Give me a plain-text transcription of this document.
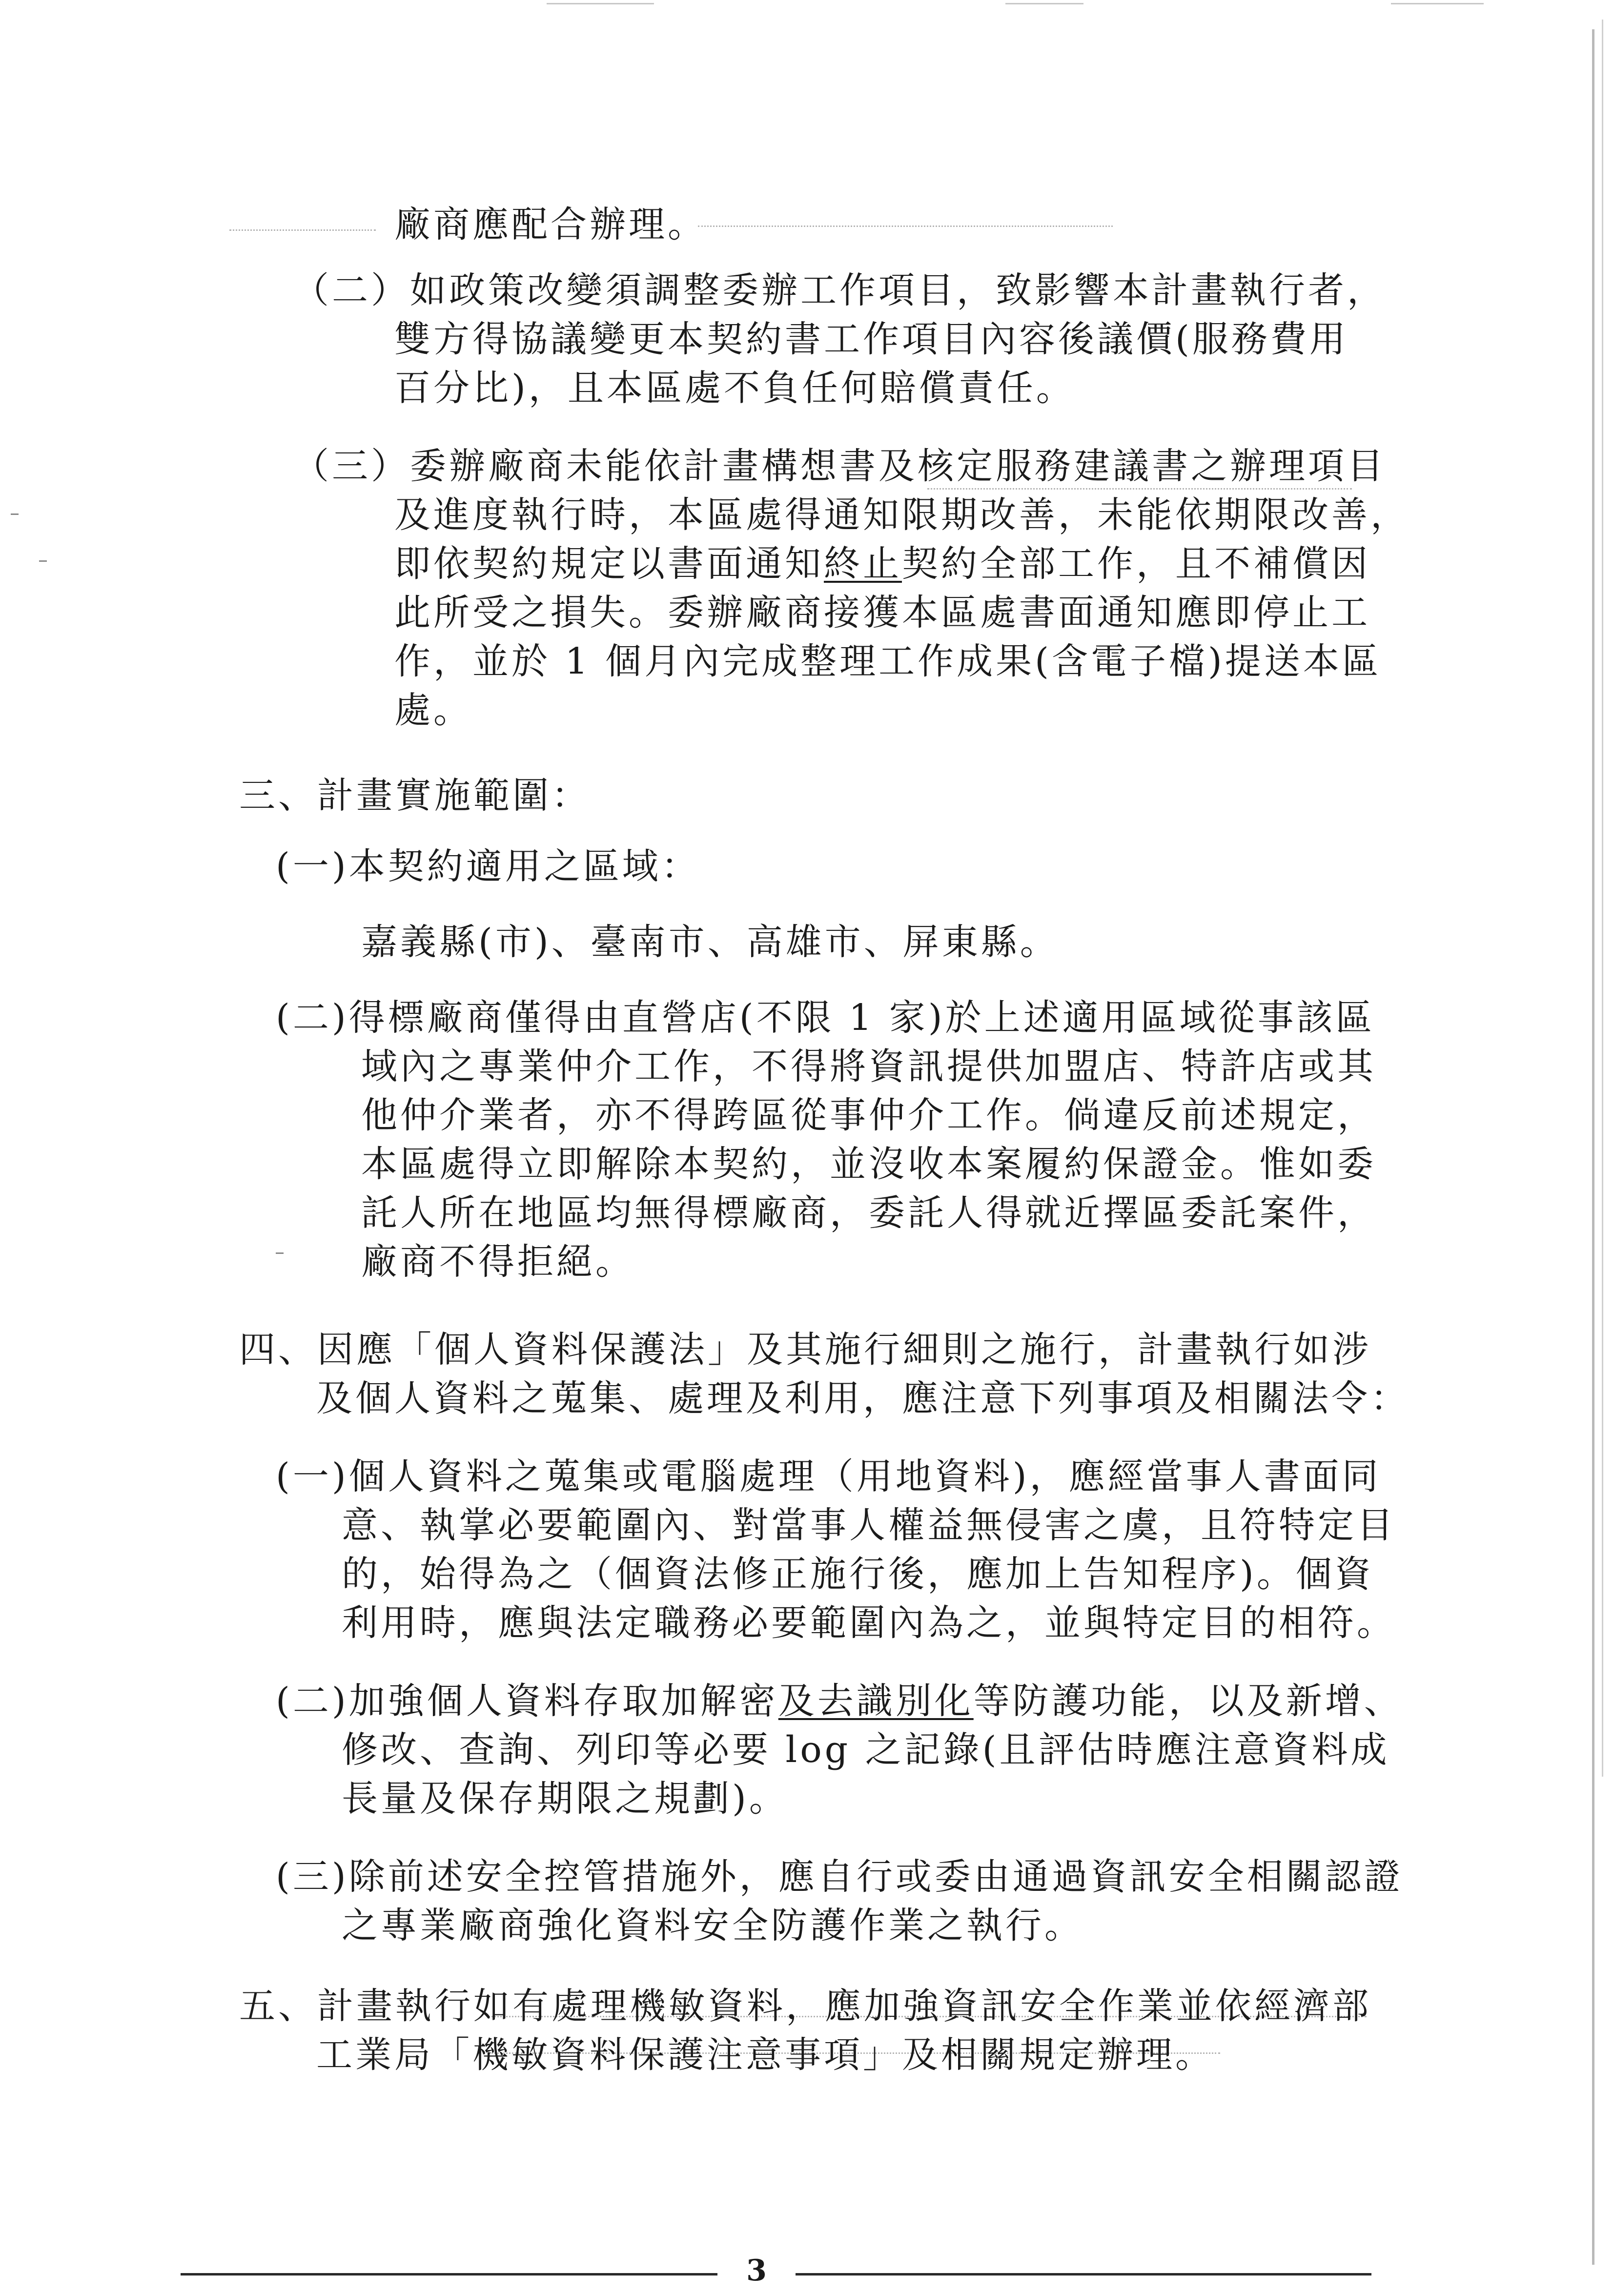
廠商應配合辦理。
（二）如政策改變須調整委辦工作項目，致影響本計畫執行者，
雙方得協議變更本契約書工作項目內容後議價(服務費用
百分比)，且本區處不負任何賠償責任。
（三）委辦廠商未能依計畫構想書及核定服務建議書之辦理項目
及進度執行時，本區處得通知限期改善，未能依期限改善，
即依契約規定以書面通知終止契約全部工作，且不補償因
此所受之損失。委辦廠商接獲本區處書面通知應即停止工
作，並於 1 個月內完成整理工作成果(含電子檔)提送本區
處。
三、計畫實施範圍：
(一)本契約適用之區域：
嘉義縣(市)、臺南市、高雄市、屏東縣。
(二)得標廠商僅得由直營店(不限 1 家)於上述適用區域從事該區
域內之專業仲介工作，不得將資訊提供加盟店、特許店或其
他仲介業者，亦不得跨區從事仲介工作。倘違反前述規定，
本區處得立即解除本契約，並沒收本案履約保證金。惟如委
託人所在地區均無得標廠商，委託人得就近擇區委託案件，
廠商不得拒絕。
四、因應「個人資料保護法」及其施行細則之施行，計畫執行如涉
及個人資料之蒐集、處理及利用，應注意下列事項及相關法令：
(一)個人資料之蒐集或電腦處理（用地資料)，應經當事人書面同
意、執掌必要範圍內、對當事人權益無侵害之虞，且符特定目
的，始得為之（個資法修正施行後，應加上告知程序)。個資
利用時，應與法定職務必要範圍內為之，並與特定目的相符。
(二)加強個人資料存取加解密及去識別化等防護功能，以及新增、
修改、查詢、列印等必要 log 之記錄(且評估時應注意資料成
長量及保存期限之規劃)。
(三)除前述安全控管措施外，應自行或委由通過資訊安全相關認證
之專業廠商強化資料安全防護作業之執行。
五、計畫執行如有處理機敏資料，應加強資訊安全作業並依經濟部
工業局「機敏資料保護注意事項」及相關規定辦理。
3
